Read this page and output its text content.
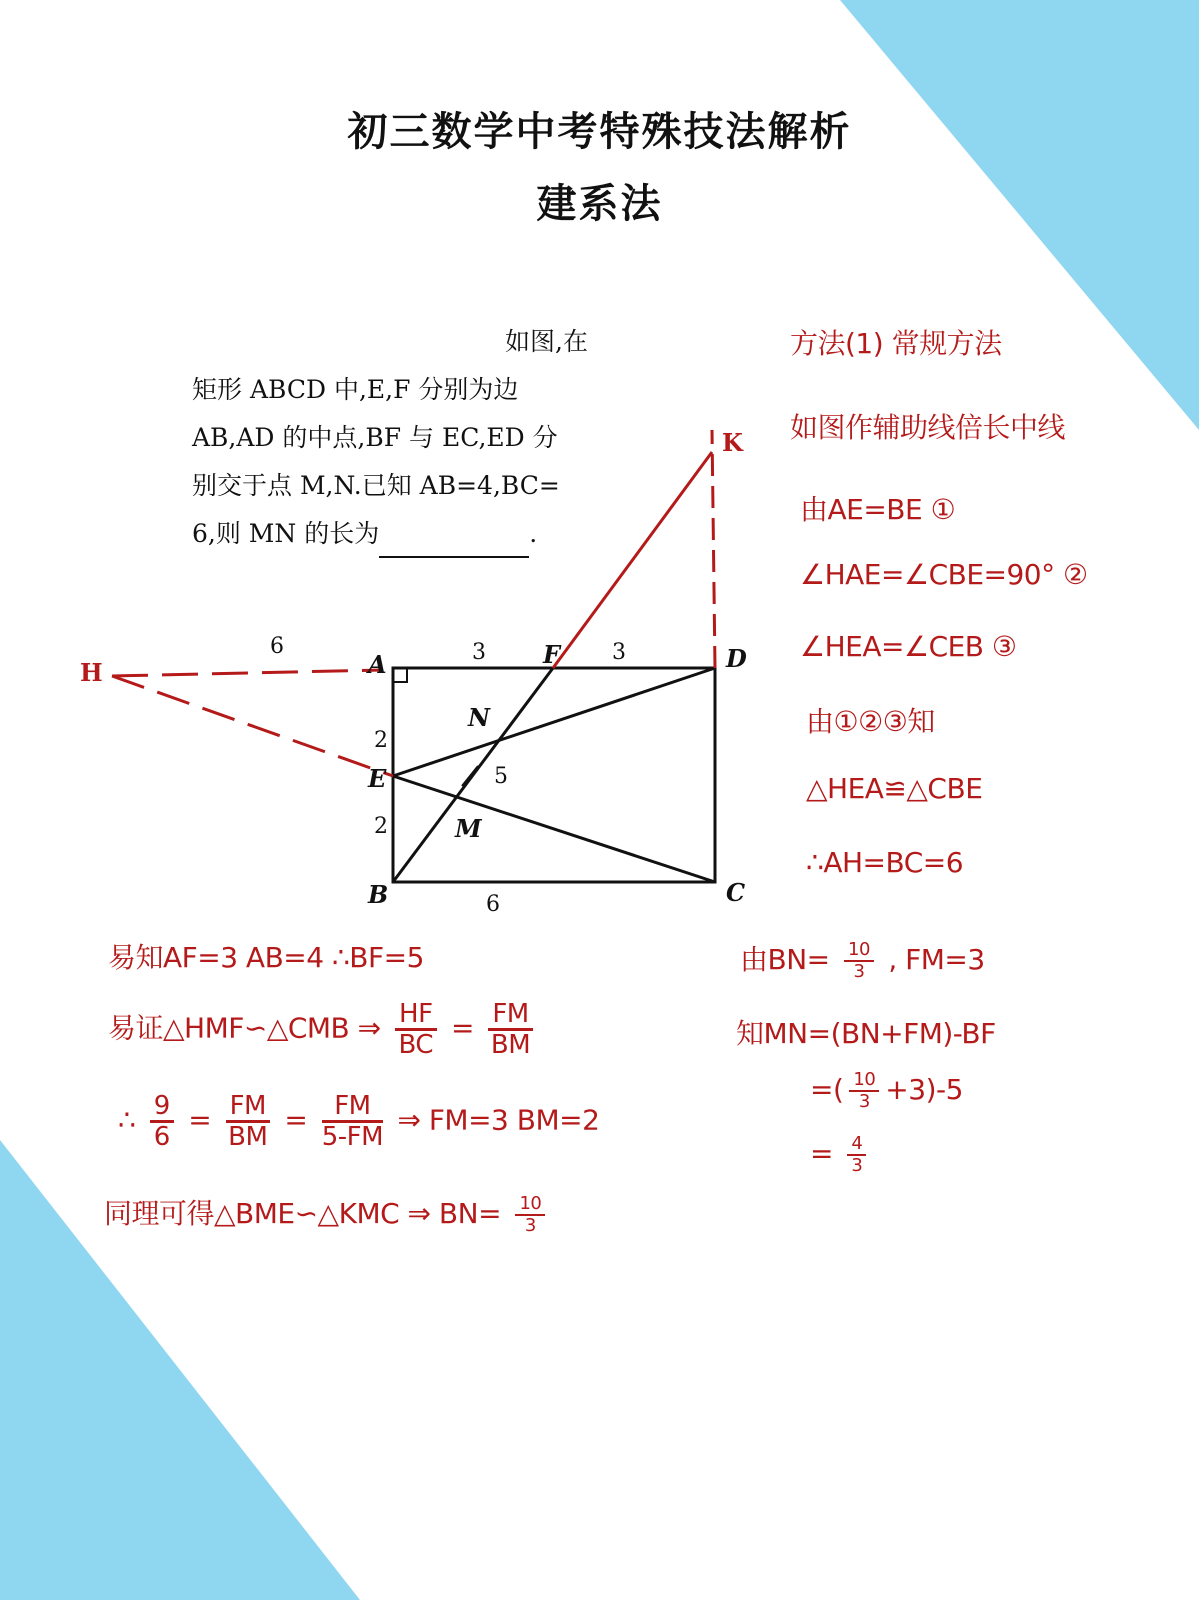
初三数学中考特殊技法解析
建系法
如图,在
矩形 ABCD 中,E,F 分别为边
AB,AD 的中点,BF 与 EC,ED 分
别交于点 M,N.已知 AB=4,BC=
6,则 MN 的长为	.
A
B	C
D
E
F
M
N
H
K
6	3	3
2
2
6
5
方法(1) 常规方法
如图作辅助线倍长中线
由AE=BE ①
∠HAE=∠CBE=90° ②
∠HEA=∠CEB ③
由①②③知
△HEA≌△CBE
∴AH=BC=6
易知AF=3 AB=4 ∴BF=5
易证△HMF∽△CMB ⇒ $\frac{HF}{BC} = \frac{FM}{BM}$
∴ $\frac{9}{6} = \frac{FM}{BM} = \frac{FM}{5-FM}$ ⇒ FM=3 BM=2
同理可得△BME∽△KMC ⇒ $BN= \frac{10}{3}$
由$BN= \frac{10}{3}$ , FM=3
知MN=(BN+FM)-BF
=( $\frac{10}{3} +3)-5$
= $\frac{4}{3}$
